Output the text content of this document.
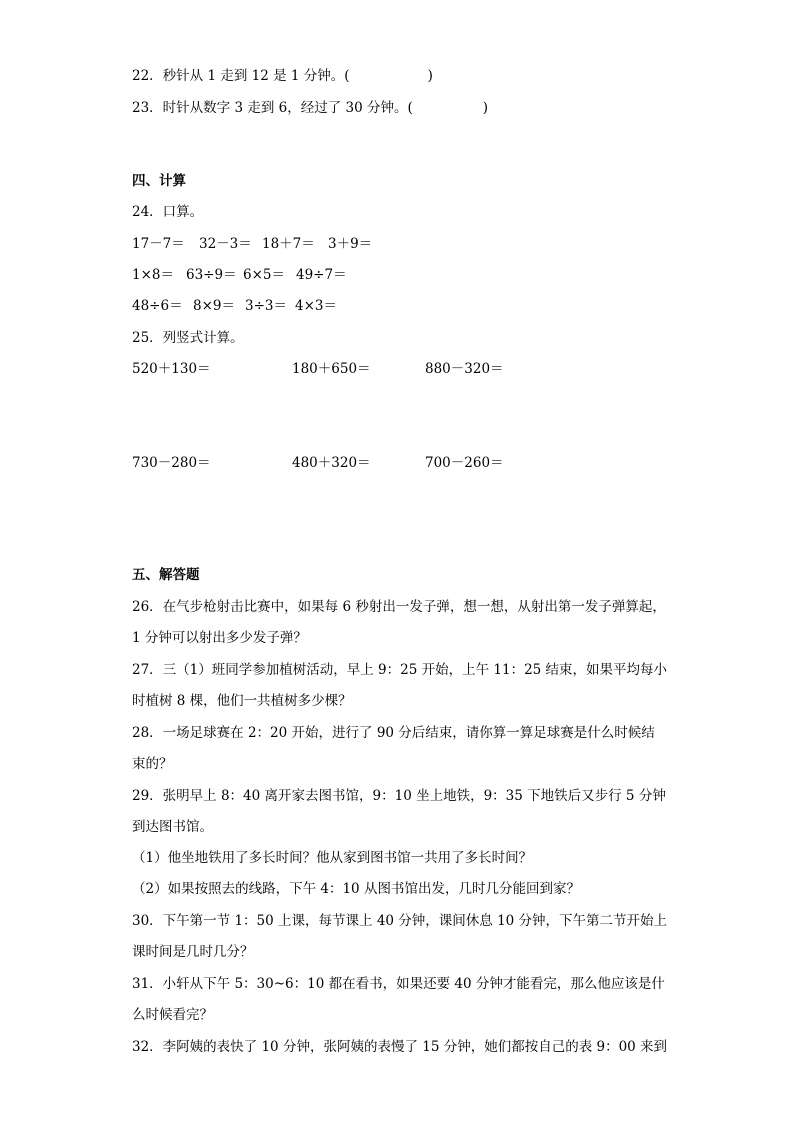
22．秒针从 1 走到 12 是 1 分钟。(	)

23．时针从数字 3 走到 6，经过了 30 分钟。(	)

四、计算

24．口算。

17－7＝ 32－3＝ 18＋7＝ 3＋9＝
1×8＝ 63÷9＝ 6×5＝ 49÷7＝
48÷6＝ 8×9＝ 3÷3＝ 4×3＝

25．列竖式计算。

520＋130＝	180＋650＝	880－320＝
730－280＝	480＋320＝	700－260＝

五、解答题

26．在气步枪射击比赛中，如果每 6 秒射出一发子弹，想一想，从射出第一发子弹算起，

1 分钟可以射出多少发子弹？

27．三（1）班同学参加植树活动，早上 9：25 开始，上午 11：25 结束，如果平均每小

时植树 8 棵，他们一共植树多少棵？

28．一场足球赛在 2：20 开始，进行了 90 分后结束，请你算一算足球赛是什么时候结

束的？

29．张明早上 8：40 离开家去图书馆，9：10 坐上地铁，9：35 下地铁后又步行 5 分钟

到达图书馆。

（1）他坐地铁用了多长时间？他从家到图书馆一共用了多长时间？

（2）如果按照去的线路，下午 4：10 从图书馆出发，几时几分能回到家？

30．下午第一节 1：50 上课，每节课上 40 分钟，课间休息 10 分钟，下午第二节开始上

课时间是几时几分？

31．小轩从下午 5：30~6：10 都在看书，如果还要 40 分钟才能看完，那么他应该是什

么时候看完？

32．李阿姨的表快了 10 分钟，张阿姨的表慢了 15 分钟，她们都按自己的表 9：00 来到
